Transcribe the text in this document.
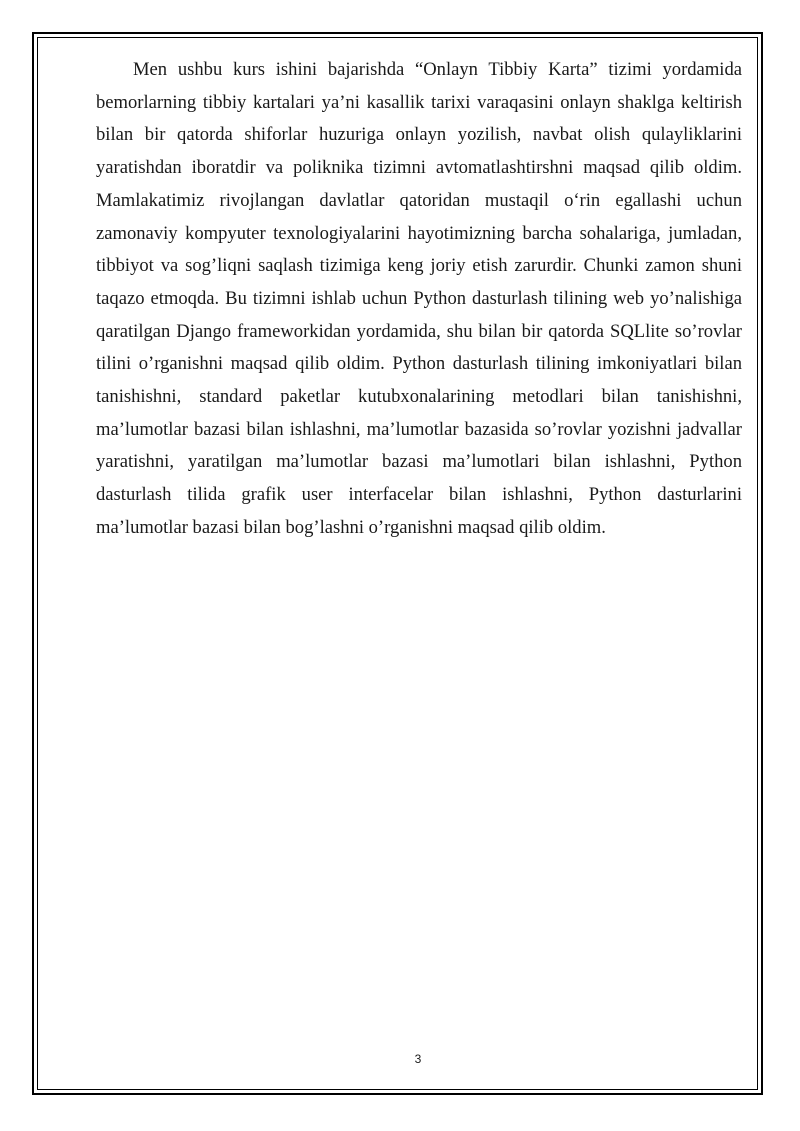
Men ushbu kurs ishini bajarishda “Onlayn Tibbiy Karta” tizimi yordamida bemorlarning tibbiy kartalari ya’ni kasallik tarixi varaqasini onlayn shaklga keltirish bilan bir qatorda shiforlar huzuriga onlayn yozilish, navbat olish qulayliklarini yaratishdan iboratdir va poliknika tizimni avtomatlashtirshni maqsad qilib oldim. Mamlakatimiz rivojlangan davlatlar qatoridan mustaqil o‘rin egallashi uchun zamonaviy kompyuter texnologiyalarini hayotimizning barcha sohalariga, jumladan, tibbiyot va sog’liqni saqlash tizimiga keng joriy etish zarurdir. Chunki zamon shuni taqazo etmoqda. Bu tizimni ishlab uchun Python dasturlash tilining web yo’nalishiga qaratilgan Django frameworkidan yordamida, shu bilan bir qatorda SQLlite so’rovlar tilini o’rganishni maqsad qilib oldim. Python dasturlash tilining imkoniyatlari bilan tanishishni, standard paketlar kutubxonalarining metodlari bilan tanishishni, ma’lumotlar bazasi bilan ishlashni, ma’lumotlar bazasida so’rovlar yozishni jadvallar yaratishni, yaratilgan ma’lumotlar bazasi ma’lumotlari bilan ishlashni, Python dasturlash tilida grafik user interfacelar bilan ishlashni, Python dasturlarini ma’lumotlar bazasi bilan bog’lashni o’rganishni maqsad qilib oldim.

3
